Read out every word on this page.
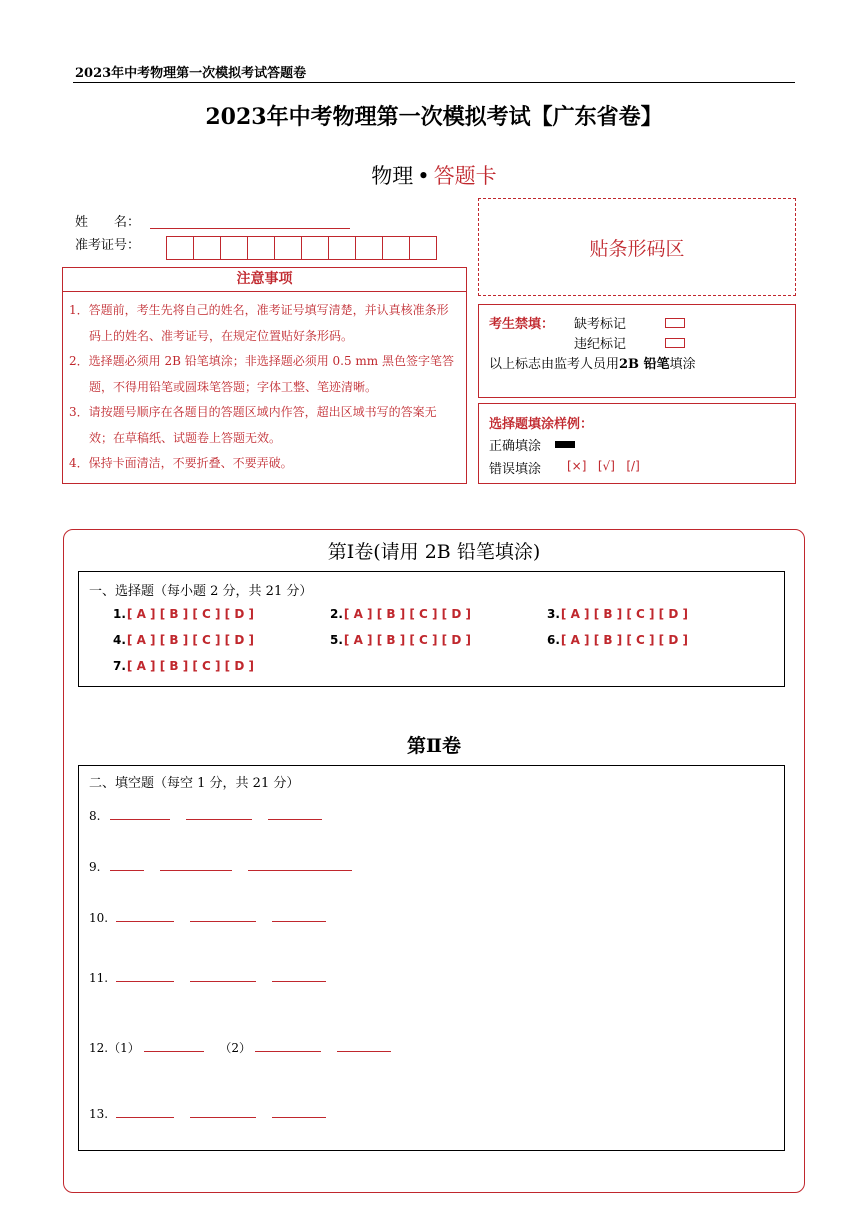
2023年中考物理第一次模拟考试答题卷
2023年中考物理第一次模拟考试【广东省卷】
物理 • 答题卡
姓　　名：
准考证号：	贴条形码区
注意事项
1．答题前，考生先将自己的姓名，准考证号填写清楚，并认真核准条形码上的姓名、准考证号，在规定位置贴好条形码。
2．选择题必须用 2B 铅笔填涂；非选择题必须用 0.5 mm 黑色签字笔答题，不得用铅笔或圆珠笔答题；字体工整、笔迹清晰。
3．请按题号顺序在各题目的答题区域内作答，超出区域书写的答案无效；在草稿纸、试题卷上答题无效。
4．保持卡面清洁，不要折叠、不要弄破。
考生禁填： 缺考标记
违纪标记
以上标志由监考人员用2B 铅笔填涂
选择题填涂样例：
正确填涂
错误填涂 [×] [√] [/]
第Ⅰ卷(请用 2B 铅笔填涂)
一、选择题（每小题 2 分，共 21 分）
1.[ A ] [ B ] [ C ] [ D ]	2.[ A ] [ B ] [ C ] [ D ]	3.[ A ] [ B ] [ C ] [ D ]
4.[ A ] [ B ] [ C ] [ D ]	5.[ A ] [ B ] [ C ] [ D ]	6.[ A ] [ B ] [ C ] [ D ]
7.[ A ] [ B ] [ C ] [ D ]
第Ⅱ卷
二、填空题（每空 1 分，共 21 分）
8.
9.
10.
11.
12.（1）	（2）
13.
